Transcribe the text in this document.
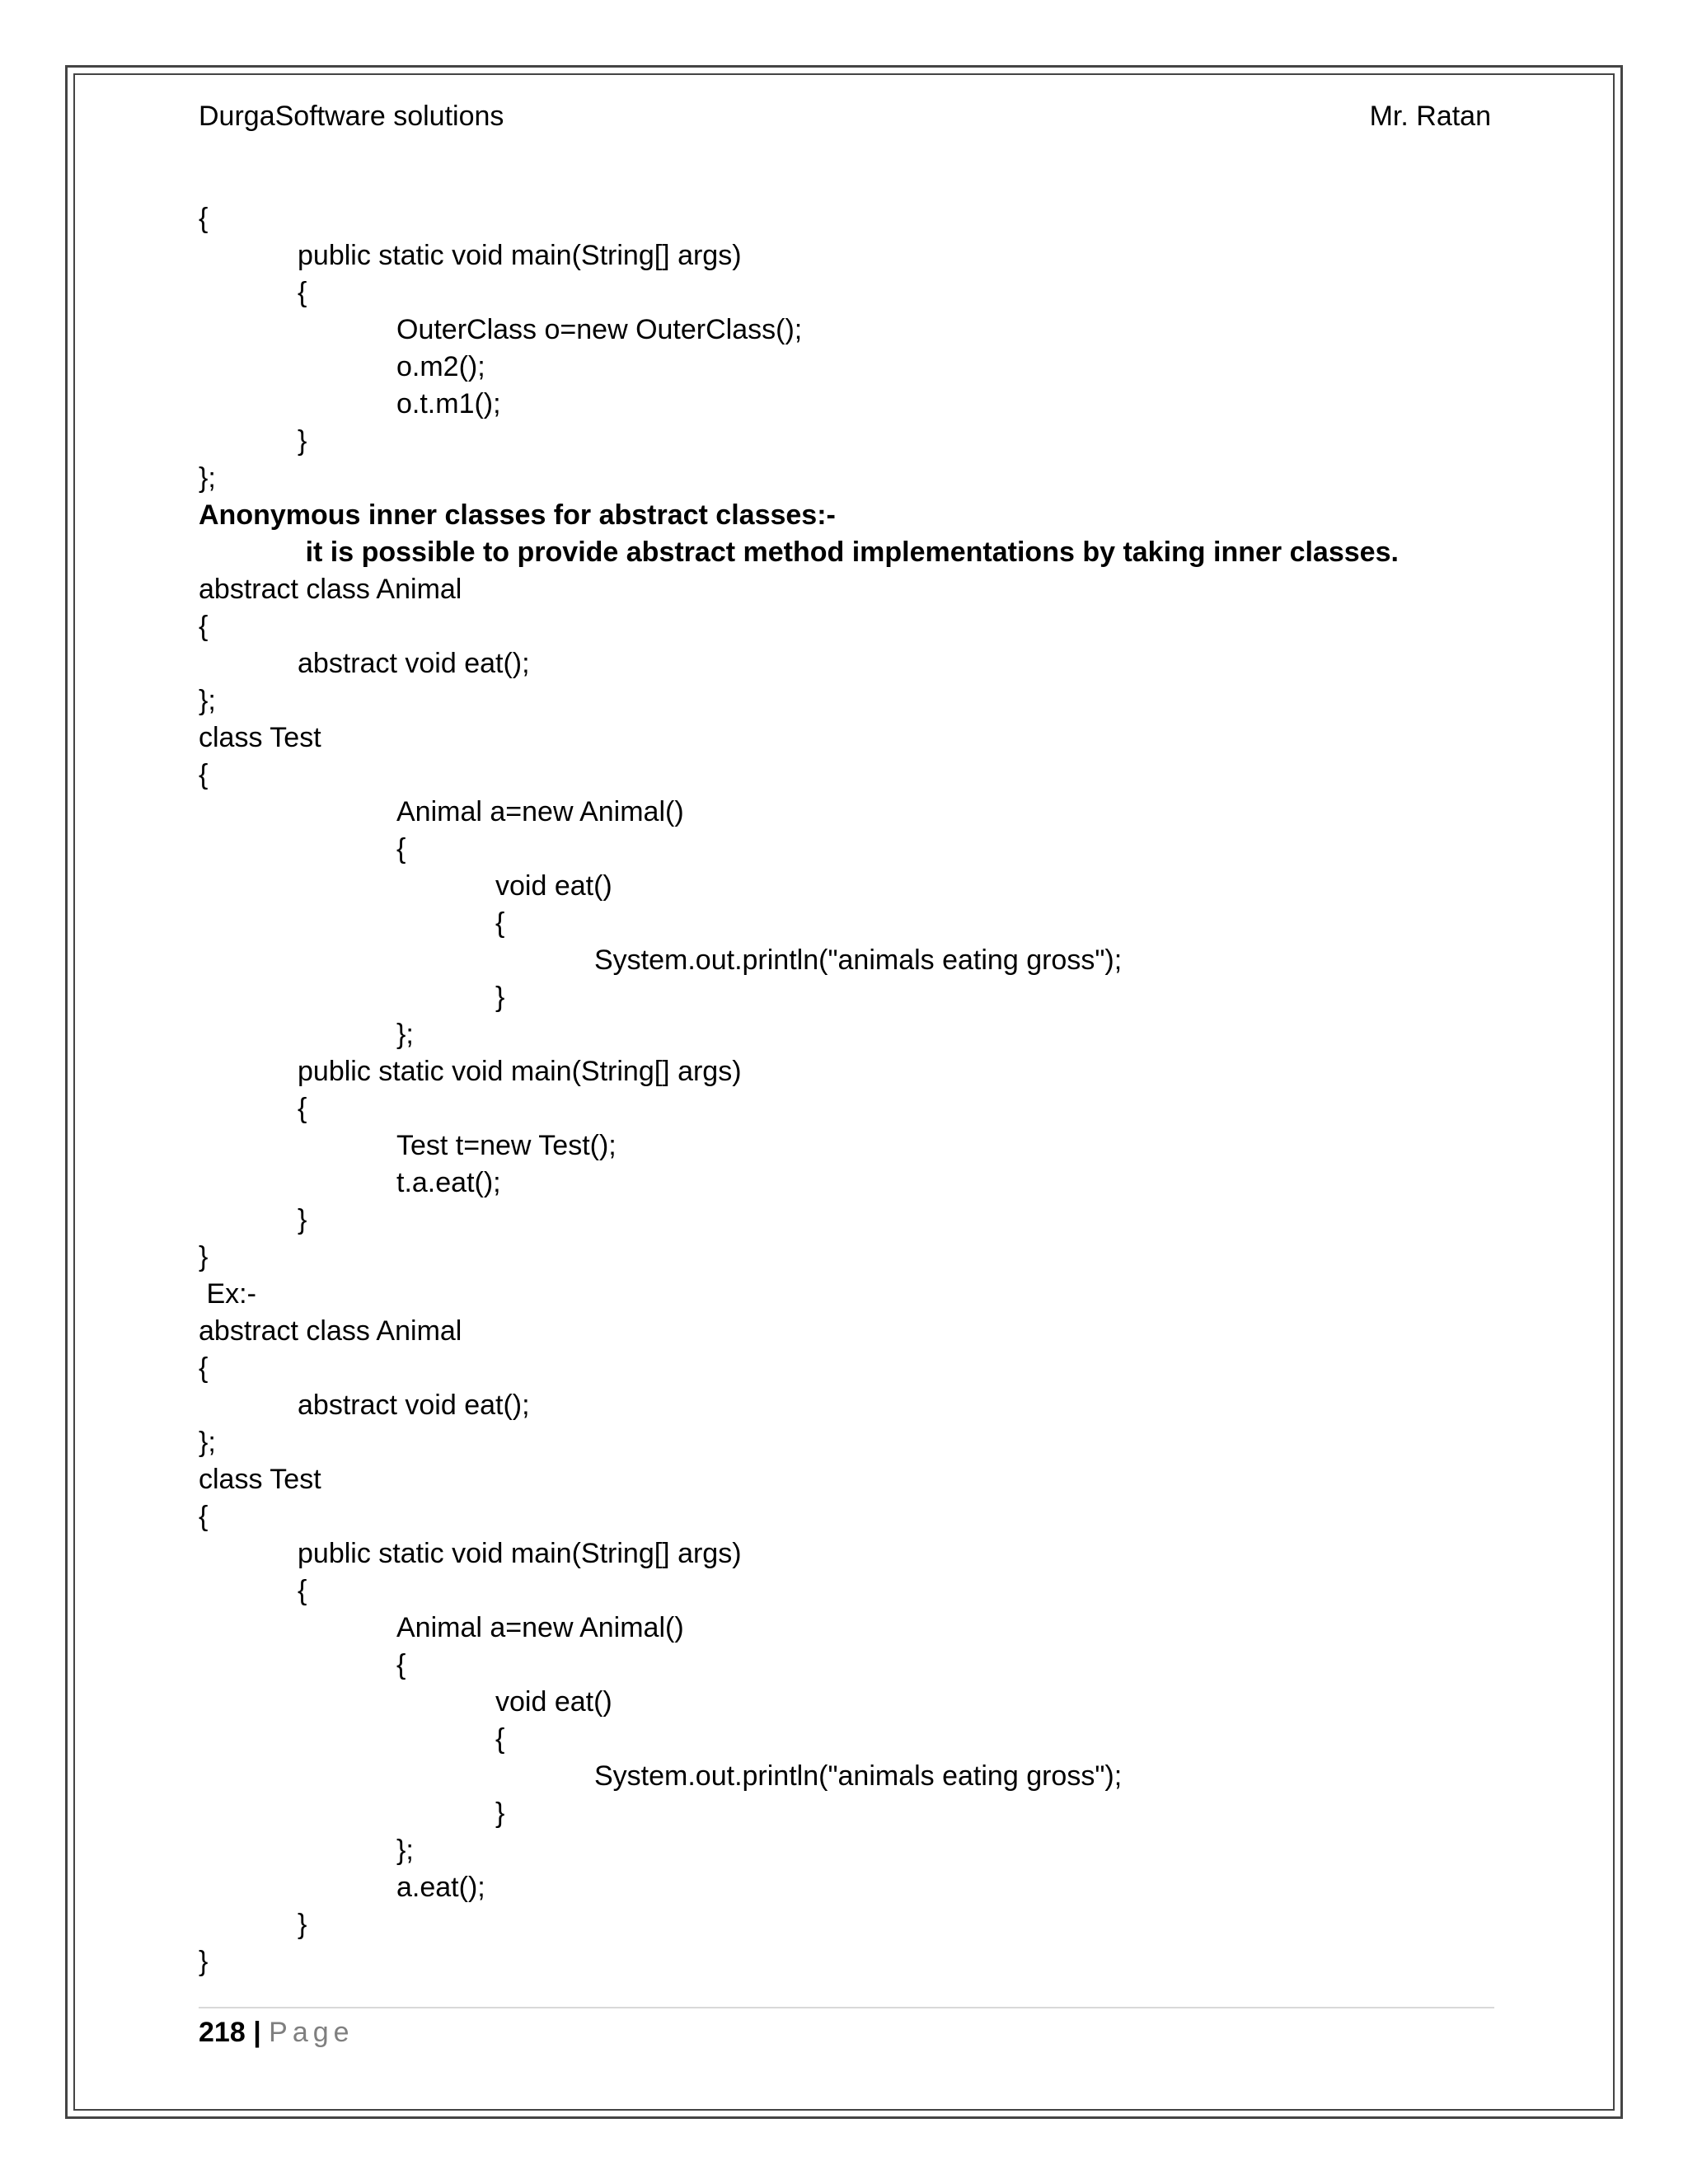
DurgaSoftware solutions	Mr. Ratan
{
public static void main(String[] args)
{
OuterClass o=new OuterClass();
o.m2();
o.t.m1();
}
};
Anonymous inner classes for abstract classes:-
it is possible to provide abstract method implementations by taking inner classes.
abstract class Animal
{
abstract void eat();
};
class Test
{
Animal a=new Animal()
{
void eat()
{
System.out.println("animals eating gross");
}
};
public static void main(String[] args)
{
Test t=new Test();
t.a.eat();
}
}
Ex:-
abstract class Animal
{
abstract void eat();
};
class Test
{
public static void main(String[] args)
{
Animal a=new Animal()
{
void eat()
{
System.out.println("animals eating gross");
}
};
a.eat();
}
}
218 | Page
